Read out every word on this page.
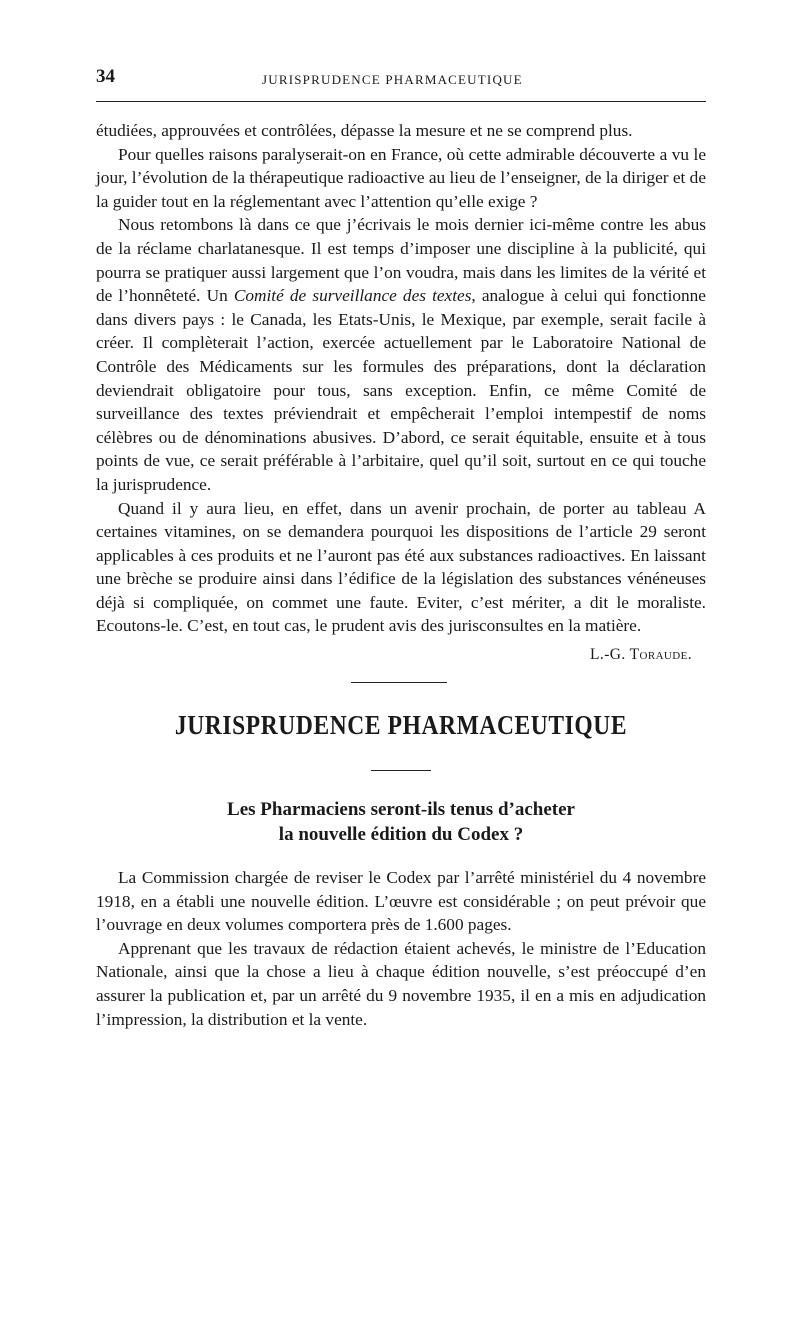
34	JURISPRUDENCE PHARMACEUTIQUE

étudiées, approuvées et contrôlées, dépasse la mesure et ne se comprend plus.

Pour quelles raisons paralyserait-on en France, où cette admirable découverte a vu le jour, l’évolution de la thérapeutique radioactive au lieu de l’enseigner, de la diriger et de la guider tout en la réglementant avec l’attention qu’elle exige ?

Nous retombons là dans ce que j’écrivais le mois dernier ici-même contre les abus de la réclame charlatanesque. Il est temps d’imposer une discipline à la publicité, qui pourra se pratiquer aussi largement que l’on voudra, mais dans les limites de la vérité et de l’honnêteté. Un Comité de surveillance des textes, analogue à celui qui fonctionne dans divers pays : le Canada, les Etats-Unis, le Mexique, par exemple, serait facile à créer. Il complèterait l’action, exercée actuellement par le Laboratoire National de Contrôle des Médicaments sur les formules des préparations, dont la déclaration deviendrait obligatoire pour tous, sans exception. Enfin, ce même Comité de surveillance des textes préviendrait et empêcherait l’emploi intempestif de noms célèbres ou de dénominations abusives. D’abord, ce serait équitable, ensuite et à tous points de vue, ce serait préférable à l’arbitaire, quel qu’il soit, surtout en ce qui touche la jurisprudence.

Quand il y aura lieu, en effet, dans un avenir prochain, de porter au tableau A certaines vitamines, on se demandera pourquoi les dispositions de l’article 29 seront applicables à ces produits et ne l’auront pas été aux substances radioactives. En laissant une brèche se produire ainsi dans l’édifice de la législation des substances vénéneuses déjà si compliquée, on commet une faute. Eviter, c’est mériter, a dit le moraliste. Ecoutons-le. C’est, en tout cas, le prudent avis des jurisconsultes en la matière.

L.-G. Toraude.
JURISPRUDENCE PHARMACEUTIQUE
Les Pharmaciens seront-ils tenus d’acheter
la nouvelle édition du Codex ?

La Commission chargée de reviser le Codex par l’arrêté ministériel du 4 novembre 1918, en a établi une nouvelle édition. L’œuvre est considérable ; on peut prévoir que l’ouvrage en deux volumes comportera près de 1.600 pages.

Apprenant que les travaux de rédaction étaient achevés, le ministre de l’Education Nationale, ainsi que la chose a lieu à chaque édition nouvelle, s’est préoccupé d’en assurer la publication et, par un arrêté du 9 novembre 1935, il en a mis en adjudication l’impression, la distribution et la vente.
